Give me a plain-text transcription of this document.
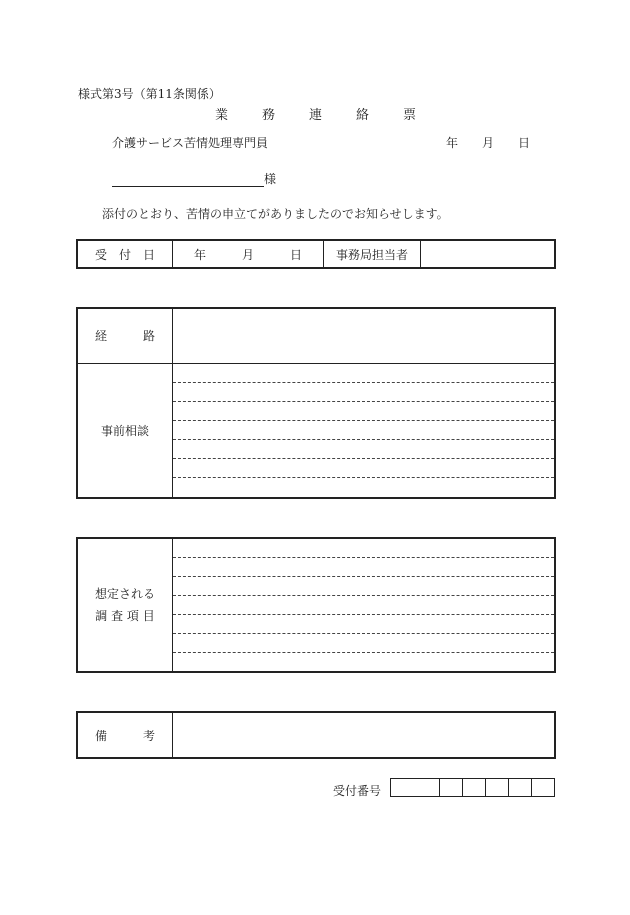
様式第3号（第11条関係）
業	務	連	絡	票
介護サービス苦情処理専門員	年 月 日
様
添付のとおり、苦情の申立てがありましたのでお知らせします。
受　付　日	年　　　月　　　日	事務局担当者	
経　　　路	
事前相談	
想定される
調 査 項 目

備　　　考	
受付番号
